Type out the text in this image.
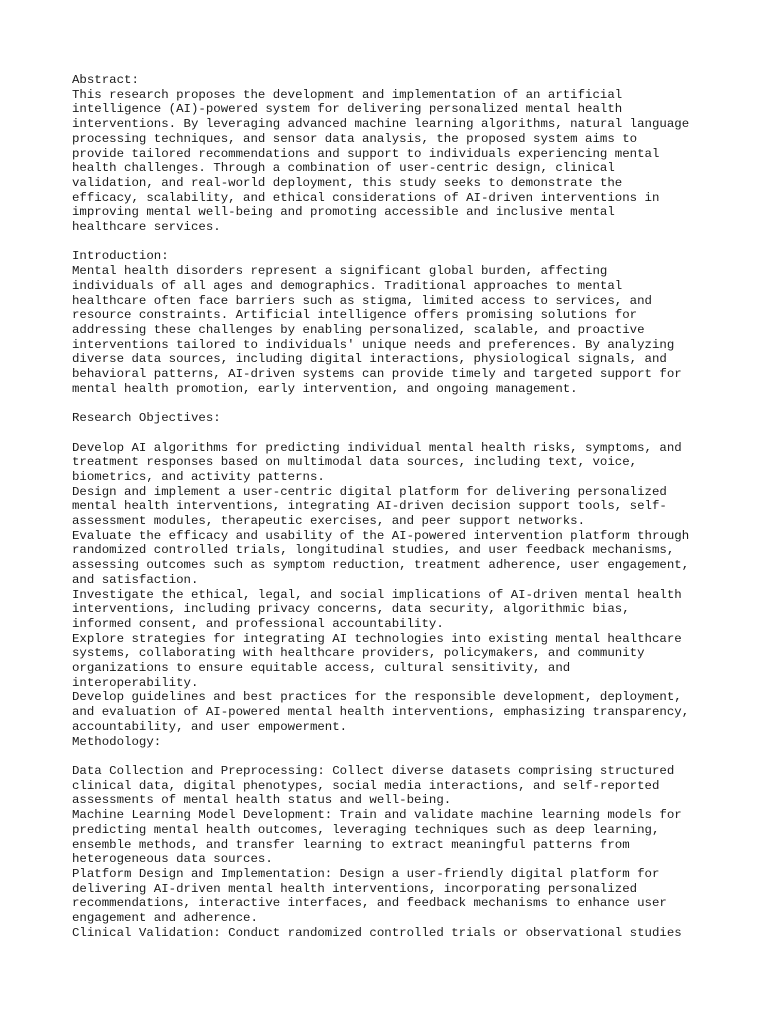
Abstract:
This research proposes the development and implementation of an artificial
intelligence (AI)-powered system for delivering personalized mental health
interventions. By leveraging advanced machine learning algorithms, natural language
processing techniques, and sensor data analysis, the proposed system aims to
provide tailored recommendations and support to individuals experiencing mental
health challenges. Through a combination of user-centric design, clinical
validation, and real-world deployment, this study seeks to demonstrate the
efficacy, scalability, and ethical considerations of AI-driven interventions in
improving mental well-being and promoting accessible and inclusive mental
healthcare services.
Introduction:
Mental health disorders represent a significant global burden, affecting
individuals of all ages and demographics. Traditional approaches to mental
healthcare often face barriers such as stigma, limited access to services, and
resource constraints. Artificial intelligence offers promising solutions for
addressing these challenges by enabling personalized, scalable, and proactive
interventions tailored to individuals' unique needs and preferences. By analyzing
diverse data sources, including digital interactions, physiological signals, and
behavioral patterns, AI-driven systems can provide timely and targeted support for
mental health promotion, early intervention, and ongoing management.
Research Objectives:
Develop AI algorithms for predicting individual mental health risks, symptoms, and
treatment responses based on multimodal data sources, including text, voice,
biometrics, and activity patterns.
Design and implement a user-centric digital platform for delivering personalized
mental health interventions, integrating AI-driven decision support tools, self-
assessment modules, therapeutic exercises, and peer support networks.
Evaluate the efficacy and usability of the AI-powered intervention platform through
randomized controlled trials, longitudinal studies, and user feedback mechanisms,
assessing outcomes such as symptom reduction, treatment adherence, user engagement,
and satisfaction.
Investigate the ethical, legal, and social implications of AI-driven mental health
interventions, including privacy concerns, data security, algorithmic bias,
informed consent, and professional accountability.
Explore strategies for integrating AI technologies into existing mental healthcare
systems, collaborating with healthcare providers, policymakers, and community
organizations to ensure equitable access, cultural sensitivity, and
interoperability.
Develop guidelines and best practices for the responsible development, deployment,
and evaluation of AI-powered mental health interventions, emphasizing transparency,
accountability, and user empowerment.
Methodology:
Data Collection and Preprocessing: Collect diverse datasets comprising structured
clinical data, digital phenotypes, social media interactions, and self-reported
assessments of mental health status and well-being.
Machine Learning Model Development: Train and validate machine learning models for
predicting mental health outcomes, leveraging techniques such as deep learning,
ensemble methods, and transfer learning to extract meaningful patterns from
heterogeneous data sources.
Platform Design and Implementation: Design a user-friendly digital platform for
delivering AI-driven mental health interventions, incorporating personalized
recommendations, interactive interfaces, and feedback mechanisms to enhance user
engagement and adherence.
Clinical Validation: Conduct randomized controlled trials or observational studies
